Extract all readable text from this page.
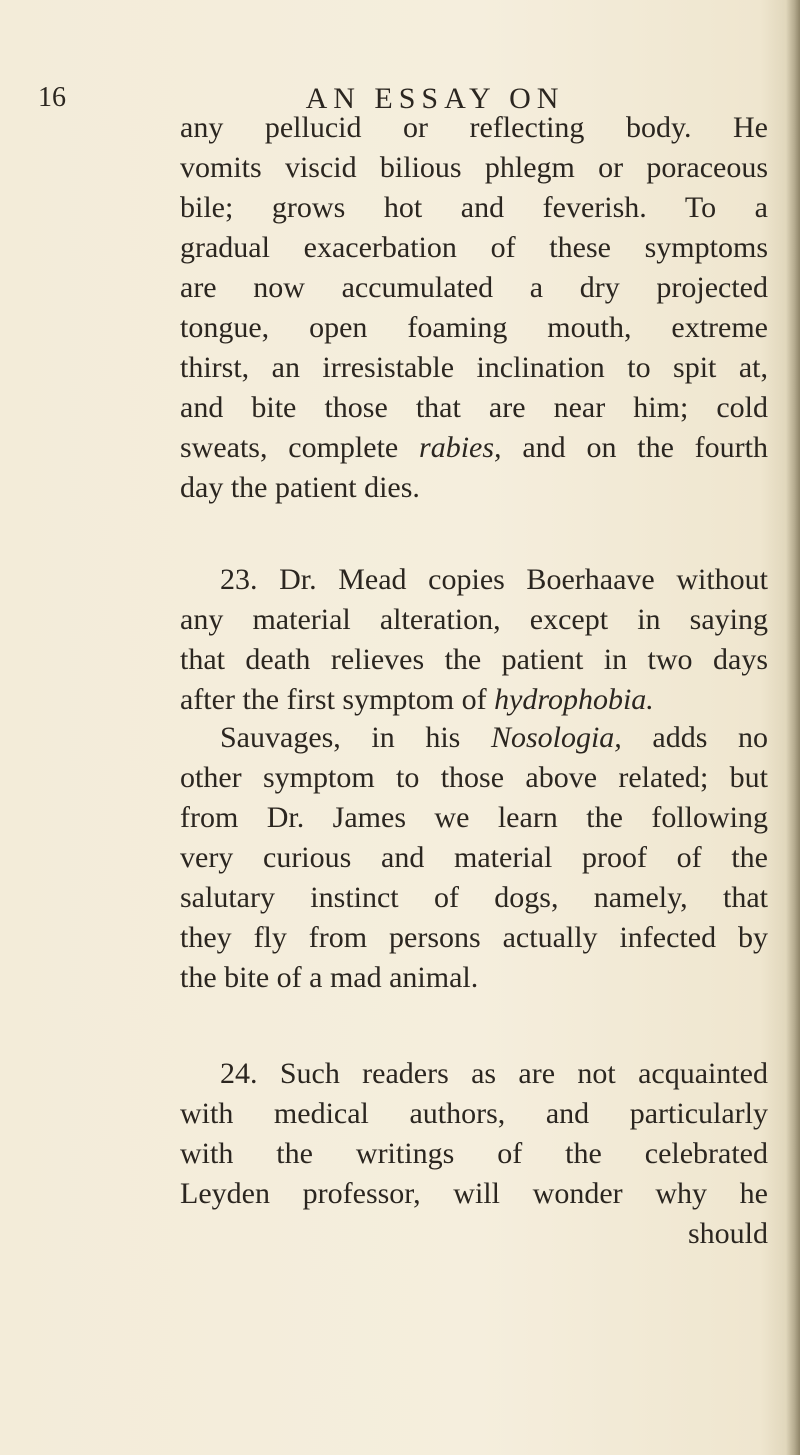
16	AN ESSAY ON
any pellucid or reflecting body. He
vomits viscid bilious phlegm or poraceous
bile; grows hot and feverish. To a
gradual exacerbation of these symptoms
are now accumulated a dry projected
tongue, open foaming mouth, extreme
thirst, an irresistable inclination to spit at,
and bite those that are near him; cold
sweats, complete rabies, and on the fourth
day the patient dies.
23. Dr. Mead copies Boerhaave without
any material alteration, except in saying
that death relieves the patient in two days
after the first symptom of hydrophobia.
Sauvages, in his Nosologia, adds no
other symptom to those above related; but
from Dr. James we learn the following
very curious and material proof of the
salutary instinct of dogs, namely, that
they fly from persons actually infected by
the bite of a mad animal.
24. Such readers as are not acquainted
with medical authors, and particularly
with the writings of the celebrated
Leyden professor, will wonder why he
should
